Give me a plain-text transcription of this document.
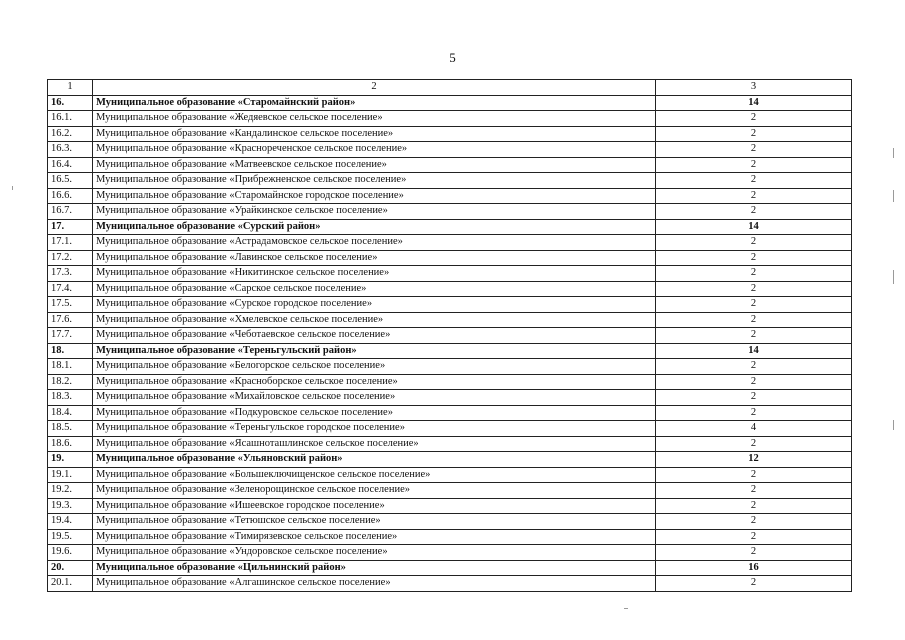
5
1	2	3
16.	Муниципальное образование «Старомайнский район»	14
16.1.	Муниципальное образование «Жедяевское сельское поселение»	2
16.2.	Муниципальное образование «Кандалинское сельское поселение»	2
16.3.	Муниципальное образование «Краснореченское сельское поселение»	2
16.4.	Муниципальное образование «Матвеевское сельское поселение»	2
16.5.	Муниципальное образование «Прибрежненское сельское поселение»	2
16.6.	Муниципальное образование «Старомайнское городское поселение»	2
16.7.	Муниципальное образование «Урайкинское сельское поселение»	2
17.	Муниципальное образование «Сурский район»	14
17.1.	Муниципальное образование «Астрадамовское сельское поселение»	2
17.2.	Муниципальное образование «Лавинское сельское поселение»	2
17.3.	Муниципальное образование «Никитинское сельское поселение»	2
17.4.	Муниципальное образование «Сарское сельское поселение»	2
17.5.	Муниципальное образование «Сурское городское поселение»	2
17.6.	Муниципальное образование «Хмелевское сельское поселение»	2
17.7.	Муниципальное образование «Чеботаевское сельское поселение»	2
18.	Муниципальное образование «Тереньгульский район»	14
18.1.	Муниципальное образование «Белогорское сельское поселение»	2
18.2.	Муниципальное образование «Красноборское сельское поселение»	2
18.3.	Муниципальное образование «Михайловское сельское поселение»	2
18.4.	Муниципальное образование «Подкуровское сельское поселение»	2
18.5.	Муниципальное образование «Тереньгульское городское поселение»	4
18.6.	Муниципальное образование «Ясашноташлинское сельское поселение»	2
19.	Муниципальное образование «Ульяновский район»	12
19.1.	Муниципальное образование «Большеключищенское сельское поселение»	2
19.2.	Муниципальное образование «Зеленорощинское сельское поселение»	2
19.3.	Муниципальное образование «Ишеевское городское поселение»	2
19.4.	Муниципальное образование «Тетюшское сельское поселение»	2
19.5.	Муниципальное образование «Тимирязевское сельское поселение»	2
19.6.	Муниципальное образование «Ундоровское сельское поселение»	2
20.	Муниципальное образование «Цильнинский район»	16
20.1.	Муниципальное образование «Алгашинское сельское поселение»	2
